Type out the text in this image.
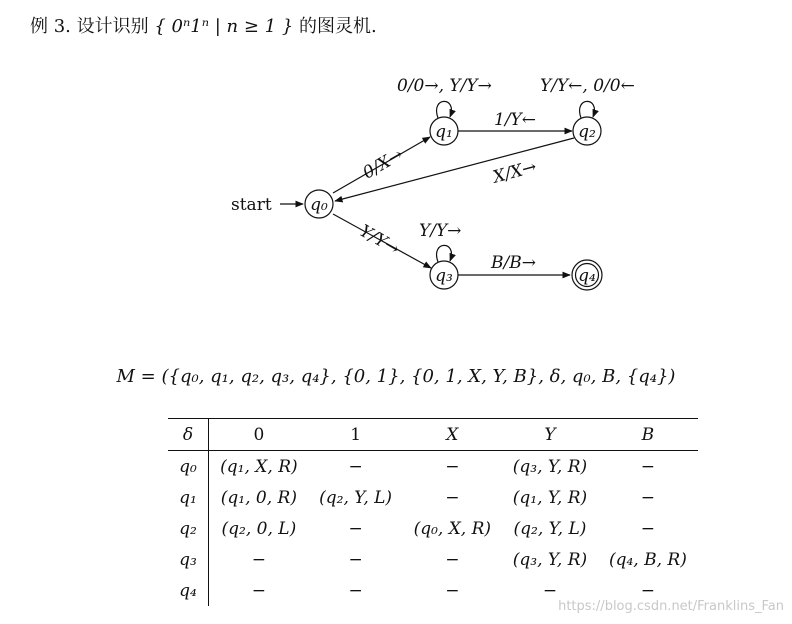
例 3. 设计识别 { 0ⁿ1ⁿ | n ≥ 1 } 的图灵机.
start q₀
q₁	q₂
q₃	q₄
0/0→, Y/Y→	Y/Y←, 0/0←
0/X→
1/Y←
X/X→
Y/Y→ Y/Y→
B/B→
M = ({q₀, q₁, q₂, q₃, q₄}, {0, 1}, {0, 1, X, Y, B}, δ, q₀, B, {q₄})
δ	0	1	X	Y	B
q₀	(q₁, X, R)	−	−	(q₃, Y, R)	−
q₁	(q₁, 0, R)	(q₂, Y, L)	−	(q₁, Y, R)	−
q₂	(q₂, 0, L)	−	(q₀, X, R)	(q₂, Y, L)	−
q₃	−	−	−	(q₃, Y, R)	(q₄, B, R)
q₄	−	−	−	−	−
https://blog.csdn.net/Franklins_Fan
